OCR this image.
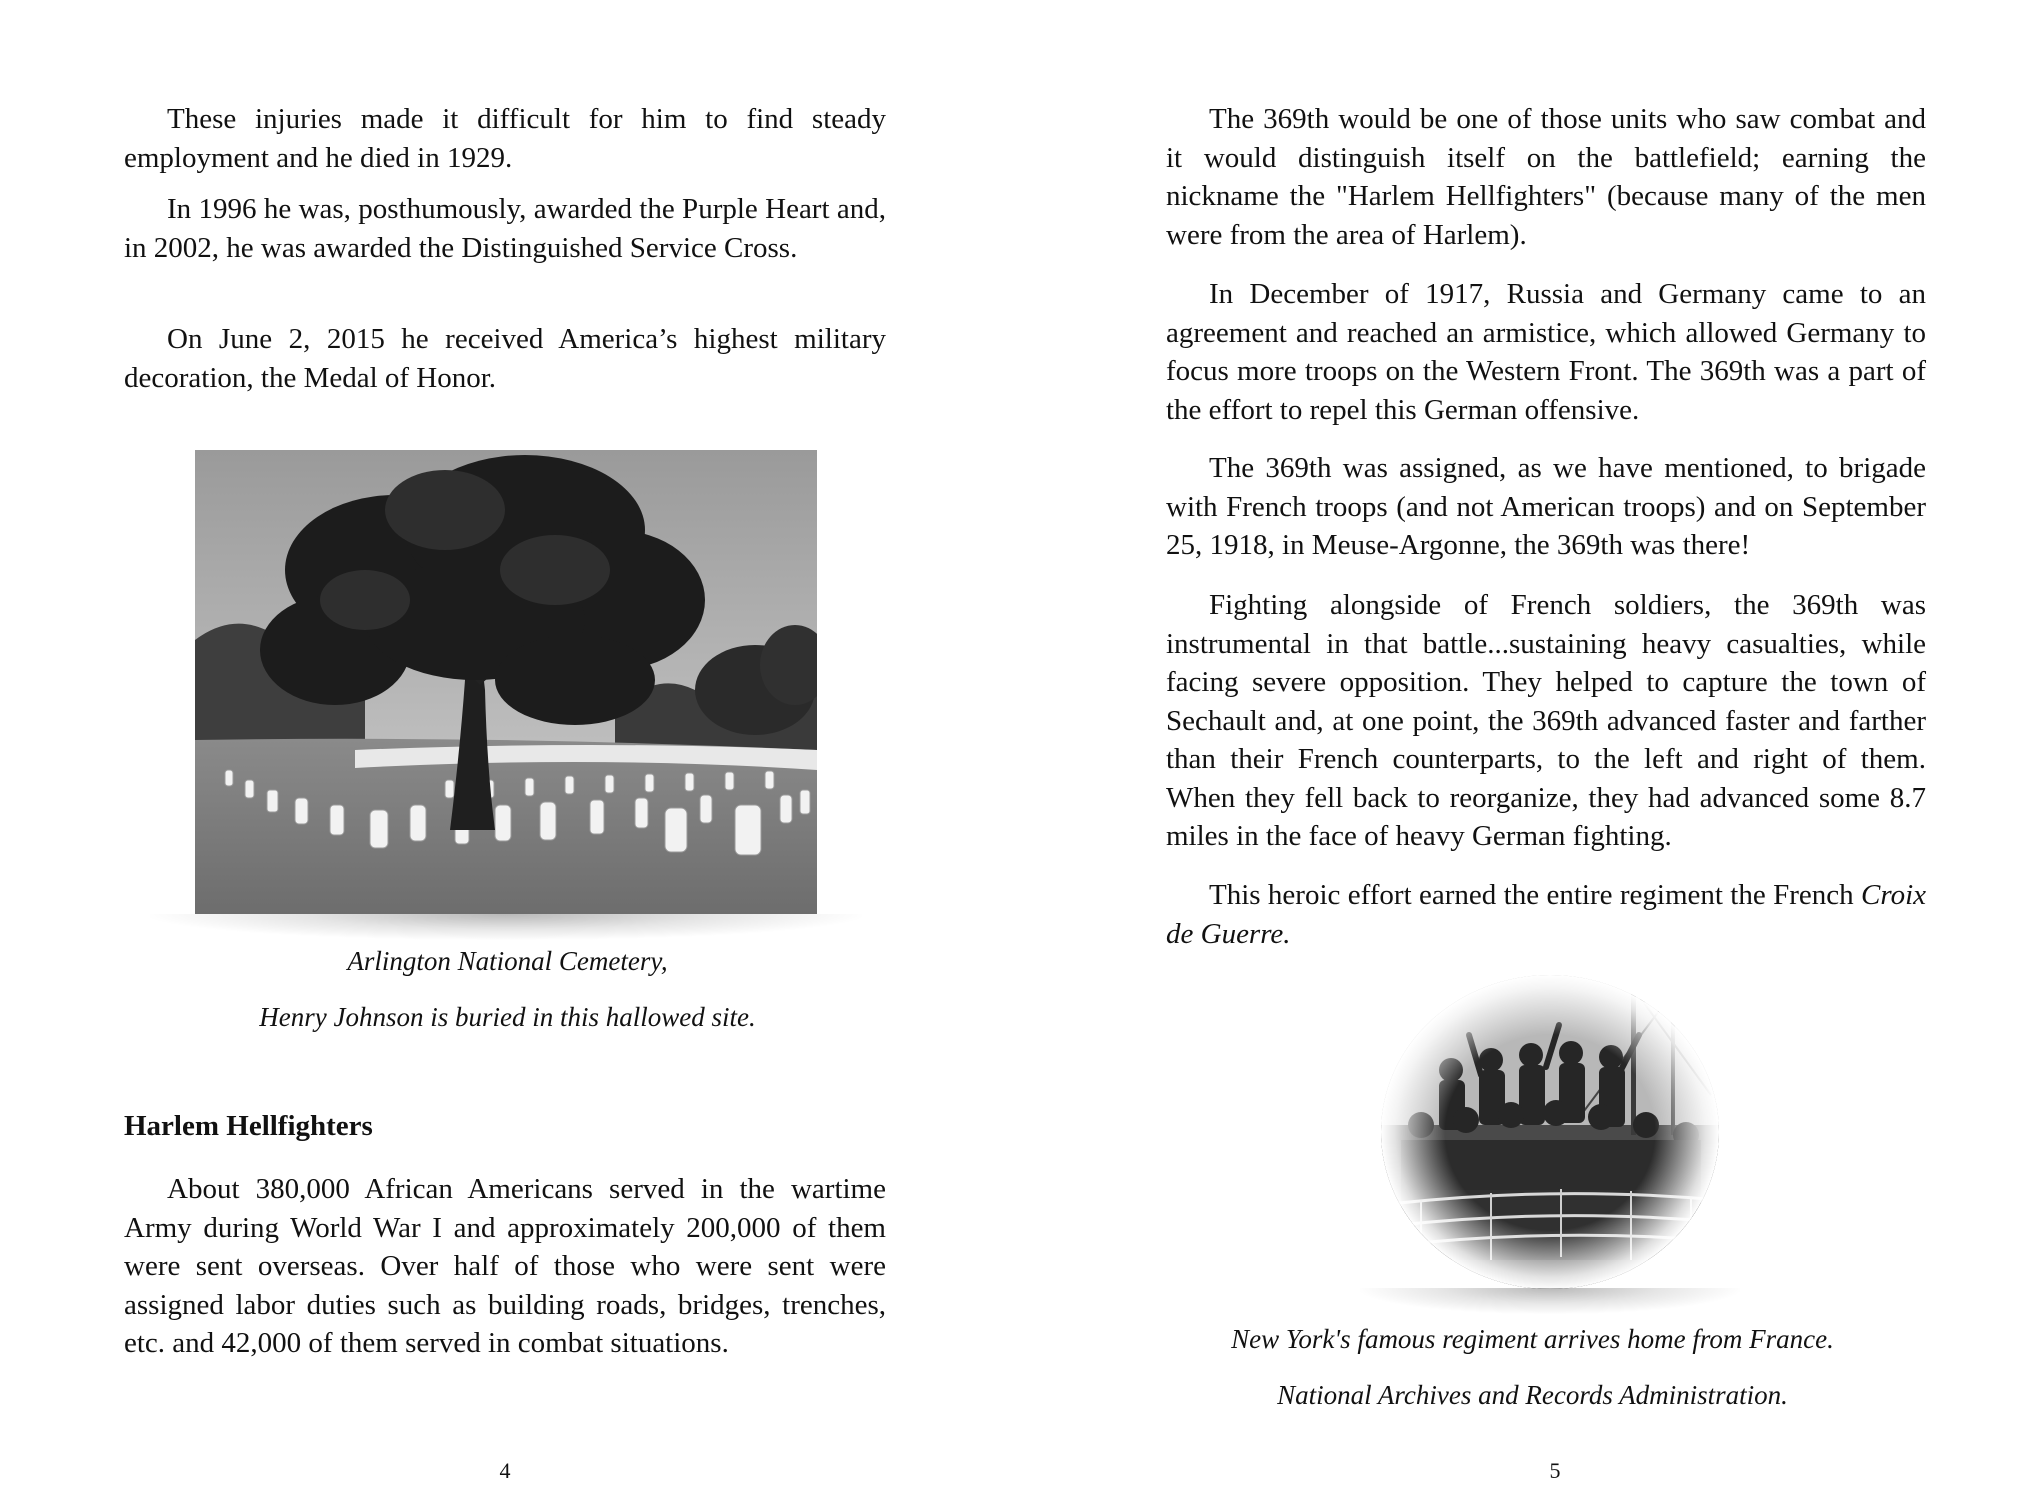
These injuries made it difficult for him to find steady employment and he died in 1929.

In 1996 he was, posthumously, awarded the Purple Heart and, in 2002, he was awarded the Distinguished Service Cross.

On June 2, 2015 he received America’s highest military decoration, the Medal of Honor.

Arlington National Cemetery,

Henry Johnson is buried in this hallowed site.

Harlem Hellfighters

About 380,000 African Americans served in the wartime Army during World War I and approximately 200,000 of them were sent overseas. Over half of those who were sent were assigned labor duties such as building roads, bridges, trenches, etc. and 42,000 of them served in combat situations.

4

The 369th would be one of those units who saw combat and it would distinguish itself on the battlefield; earning the nickname the "Harlem Hellfighters" (because many of the men were from the area of Harlem).

In December of 1917, Russia and Germany came to an agreement and reached an armistice, which allowed Germany to focus more troops on the Western Front. The 369th was a part of the effort to repel this German offensive.

The 369th was assigned, as we have mentioned, to brigade with French troops (and not American troops) and on September 25, 1918, in Meuse-Argonne, the 369th was there!

Fighting alongside of French soldiers, the 369th was instrumental in that battle...sustaining heavy casualties, while facing severe opposition. They helped to capture the town of Sechault and, at one point, the 369th advanced faster and farther than their French counterparts, to the left and right of them. When they fell back to reorganize, they had advanced some 8.7 miles in the face of heavy German fighting.

This heroic effort earned the entire regiment the French Croix de Guerre.

New York's famous regiment arrives home from France.

National Archives and Records Administration.

5
